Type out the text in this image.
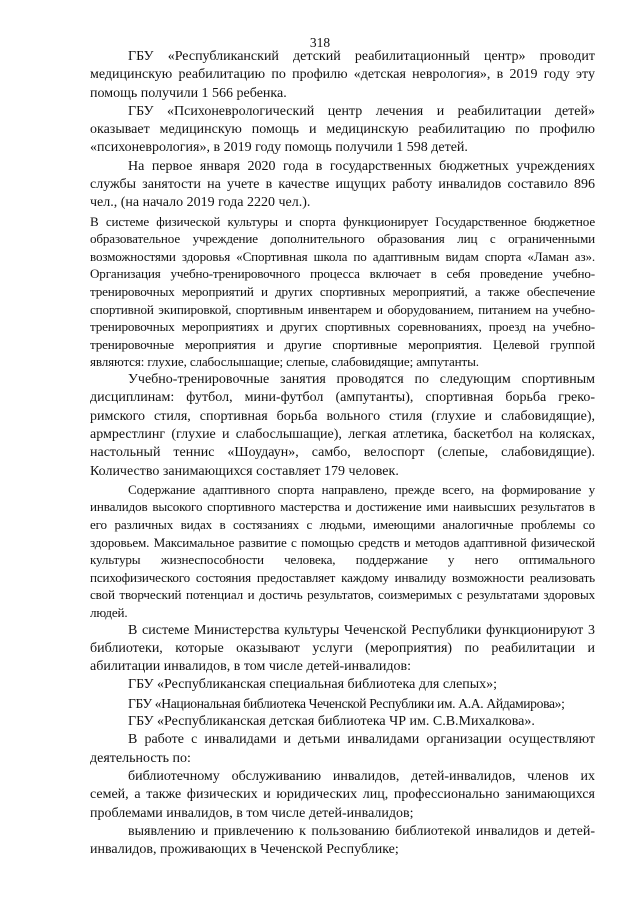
318

ГБУ «Республиканский детский реабилитационный центр» проводит медицинскую реабилитацию по профилю «детская неврология», в 2019 году эту помощь получили 1 566 ребенка.

ГБУ «Психоневрологический центр лечения и реабилитации детей» оказывает медицинскую помощь и медицинскую реабилитацию по профилю «психоневрология», в 2019 году помощь получили 1 598 детей.

На первое января 2020 года в государственных бюджетных учреждениях службы занятости на учете в качестве ищущих работу инвалидов составило 896 чел., (на начало 2019 года 2220 чел.).

В системе физической культуры и спорта функционирует Государственное бюджетное образовательное учреждение дополнительного образования лиц с ограниченными возможностями здоровья «Спортивная школа по адаптивным видам спорта «Ламан аз». Организация учебно-тренировочного процесса включает в себя проведение учебно-тренировочных мероприятий и других спортивных мероприятий, а также обеспечение спортивной экипировкой, спортивным инвентарем и оборудованием, питанием на учебно-тренировочных мероприятиях и других спортивных соревнованиях, проезд на учебно-тренировочные мероприятия и другие спортивные мероприятия. Целевой группой являются: глухие, слабослышащие; слепые, слабовидящие; ампутанты.

Учебно-тренировочные занятия проводятся по следующим спортивным дисциплинам: футбол, мини-футбол (ампутанты), спортивная борьба греко-римского стиля, спортивная борьба вольного стиля (глухие и слабовидящие), армрестлинг (глухие и слабослышащие), легкая атлетика, баскетбол на колясках, настольный теннис «Шоудаун», самбо, велоспорт (слепые, слабовидящие). Количество занимающихся составляет 179 человек.

Содержание адаптивного спорта направлено, прежде всего, на формирование у инвалидов высокого спортивного мастерства и достижение ими наивысших результатов в его различных видах в состязаниях с людьми, имеющими аналогичные проблемы со здоровьем. Максимальное развитие с помощью средств и методов адаптивной физической культуры жизнеспособности человека, поддержание у него оптимального психофизического состояния предоставляет каждому инвалиду возможности реализовать свой творческий потенциал и достичь результатов, соизмеримых с результатами здоровых людей.

В системе Министерства культуры Чеченской Республики функционируют 3 библиотеки, которые оказывают услуги (мероприятия) по реабилитации и абилитации инвалидов, в том числе детей-инвалидов:

ГБУ «Республиканская специальная библиотека для слепых»;

ГБУ «Национальная библиотека Чеченской Республики им. А.А. Айдамирова»;

ГБУ «Республиканская детская библиотека ЧР им. С.В.Михалкова».

В работе с инвалидами и детьми инвалидами организации осуществляют деятельность по:

библиотечному обслуживанию инвалидов, детей-инвалидов, членов их семей, а также физических и юридических лиц, профессионально занимающихся проблемами инвалидов, в том числе детей-инвалидов;

выявлению и привлечению к пользованию библиотекой инвалидов и детей-инвалидов, проживающих в Чеченской Республике;
